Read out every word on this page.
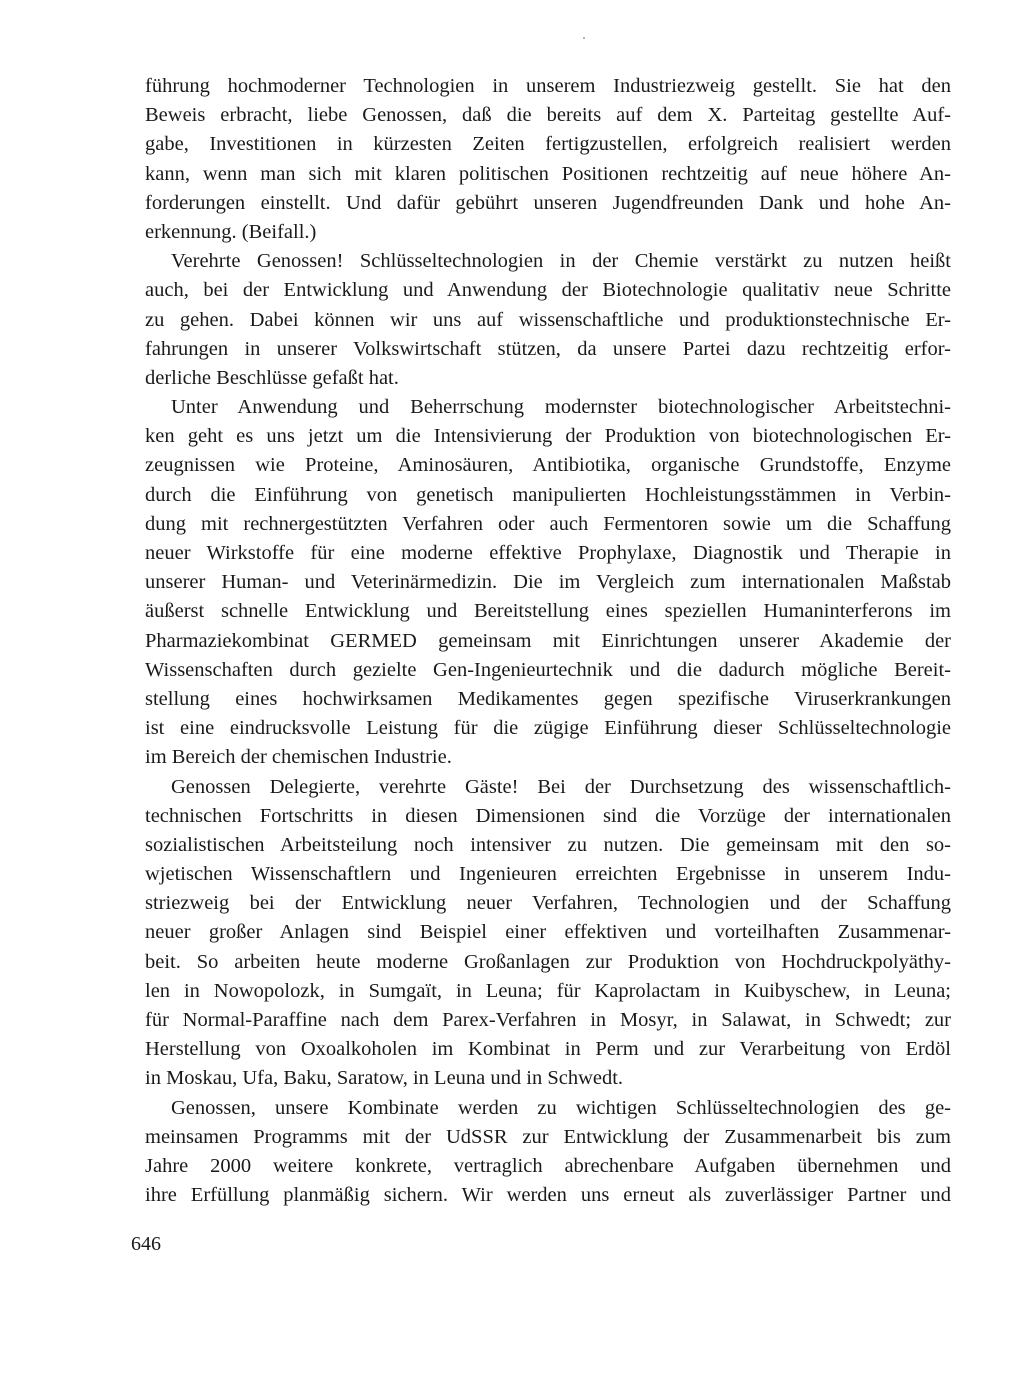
führung hochmoderner Technologien in unserem Industriezweig gestellt. Sie hat den
Beweis erbracht, liebe Genossen, daß die bereits auf dem X. Parteitag gestellte Auf-
gabe, Investitionen in kürzesten Zeiten fertigzustellen, erfolgreich realisiert werden
kann, wenn man sich mit klaren politischen Positionen rechtzeitig auf neue höhere An-
forderungen einstellt. Und dafür gebührt unseren Jugendfreunden Dank und hohe An-
erkennung. (Beifall.)
Verehrte Genossen! Schlüsseltechnologien in der Chemie verstärkt zu nutzen heißt
auch, bei der Entwicklung und Anwendung der Biotechnologie qualitativ neue Schritte
zu gehen. Dabei können wir uns auf wissenschaftliche und produktionstechnische Er-
fahrungen in unserer Volkswirtschaft stützen, da unsere Partei dazu rechtzeitig erfor-
derliche Beschlüsse gefaßt hat.
Unter Anwendung und Beherrschung modernster biotechnologischer Arbeitstechni-
ken geht es uns jetzt um die Intensivierung der Produktion von biotechnologischen Er-
zeugnissen wie Proteine, Aminosäuren, Antibiotika, organische Grundstoffe, Enzyme
durch die Einführung von genetisch manipulierten Hochleistungsstämmen in Verbin-
dung mit rechnergestützten Verfahren oder auch Fermentoren sowie um die Schaffung
neuer Wirkstoffe für eine moderne effektive Prophylaxe, Diagnostik und Therapie in
unserer Human- und Veterinärmedizin. Die im Vergleich zum internationalen Maßstab
äußerst schnelle Entwicklung und Bereitstellung eines speziellen Humaninterferons im
Pharmaziekombinat GERMED gemeinsam mit Einrichtungen unserer Akademie der
Wissenschaften durch gezielte Gen-Ingenieurtechnik und die dadurch mögliche Bereit-
stellung eines hochwirksamen Medikamentes gegen spezifische Viruserkrankungen
ist eine eindrucksvolle Leistung für die zügige Einführung dieser Schlüsseltechnologie
im Bereich der chemischen Industrie.
Genossen Delegierte, verehrte Gäste! Bei der Durchsetzung des wissenschaftlich-
technischen Fortschritts in diesen Dimensionen sind die Vorzüge der internationalen
sozialistischen Arbeitsteilung noch intensiver zu nutzen. Die gemeinsam mit den so-
wjetischen Wissenschaftlern und Ingenieuren erreichten Ergebnisse in unserem Indu-
striezweig bei der Entwicklung neuer Verfahren, Technologien und der Schaffung
neuer großer Anlagen sind Beispiel einer effektiven und vorteilhaften Zusammenar-
beit. So arbeiten heute moderne Großanlagen zur Produktion von Hochdruckpolyäthy-
len in Nowopolozk, in Sumgaït, in Leuna; für Kaprolactam in Kuibyschew, in Leuna;
für Normal-Paraffine nach dem Parex-Verfahren in Mosyr, in Salawat, in Schwedt; zur
Herstellung von Oxoalkoholen im Kombinat in Perm und zur Verarbeitung von Erdöl
in Moskau, Ufa, Baku, Saratow, in Leuna und in Schwedt.
Genossen, unsere Kombinate werden zu wichtigen Schlüsseltechnologien des ge-
meinsamen Programms mit der UdSSR zur Entwicklung der Zusammenarbeit bis zum
Jahre 2000 weitere konkrete, vertraglich abrechenbare Aufgaben übernehmen und
ihre Erfüllung planmäßig sichern. Wir werden uns erneut als zuverlässiger Partner und
646
